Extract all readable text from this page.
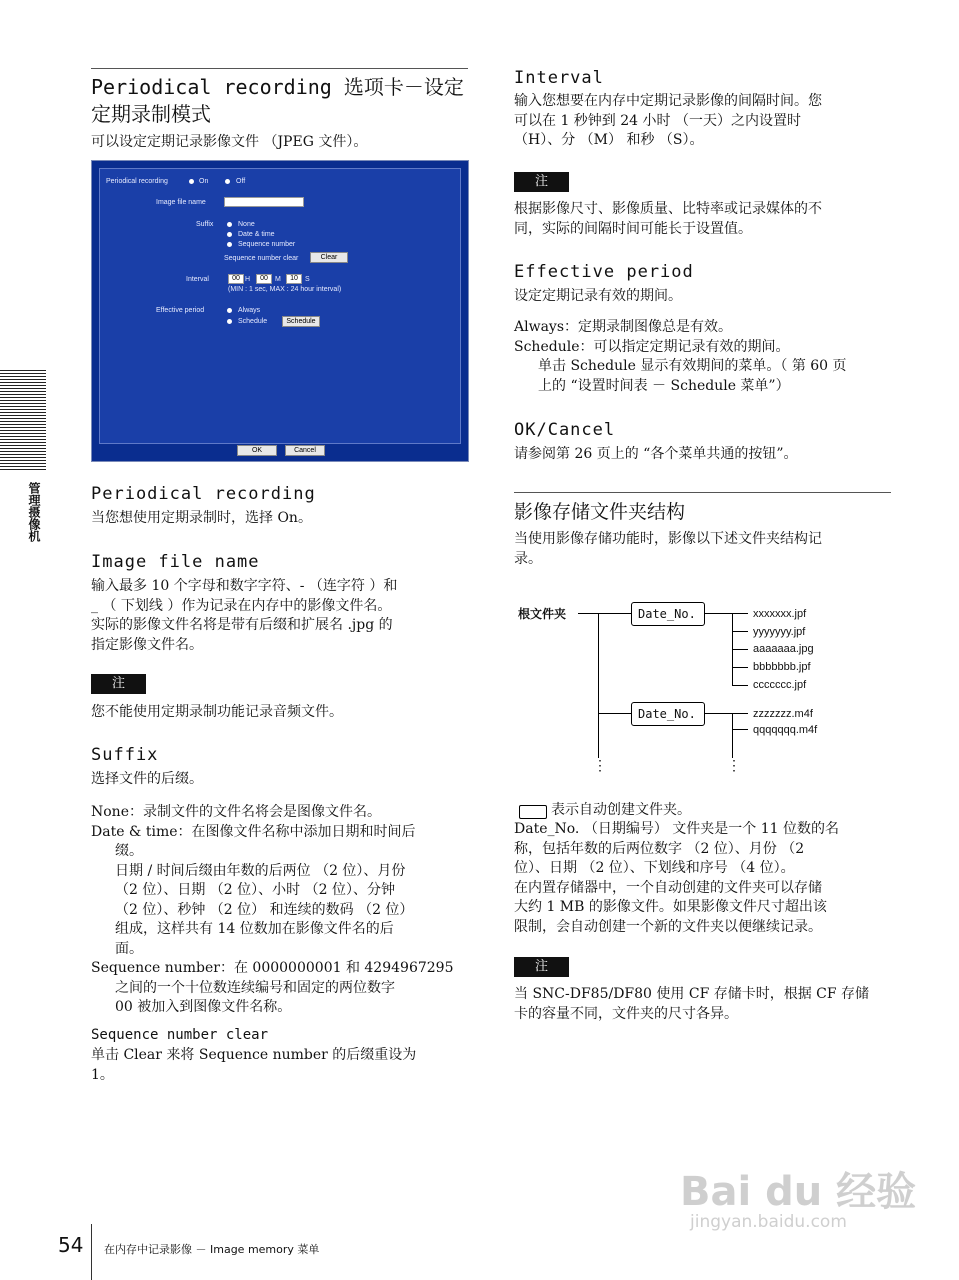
Periodical recording 选项卡－设定
定期录制模式
可以设定定期记录影像文件 （JPEG 文件）。
Periodical recording	On	Off
Image file name
Suffix	None
Date & time
Sequence number
Sequence number clear	Clear
Interval	00 H	00	M	10	S
(MIN : 1 sec, MAX : 24 hour interval)
Effective period	Always
Schedule	Schedule
OK	Cancel
Periodical recording
当您想使用定期录制时，选择 On。
Image file name
输入最多 10 个字母和数字字符、- （连字符 ）和
_ （ 下划线 ）作为记录在内存中的影像文件名。
实际的影像文件名将是带有后缀和扩展名 .jpg 的
指定影像文件名。
注
您不能使用定期录制功能记录音频文件。
Suffix
选择文件的后缀。
None：录制文件的文件名将会是图像文件名。
Date & time：在图像文件名称中添加日期和时间后
缀。
日期 / 时间后缀由年数的后两位 （2 位）、月份
（2 位）、日期 （2 位）、小时 （2 位）、分钟
（2 位）、秒钟 （2 位） 和连续的数码 （2 位）
组成，这样共有 14 位数加在影像文件名的后
面。
Sequence number：在 0000000001 和 4294967295
之间的一个十位数连续编号和固定的两位数字
00 被加入到图像文件名称。
Sequence number clear
单击 Clear 来将 Sequence number 的后缀重设为
1。
管理摄像机
Interval
输入您想要在内存中定期记录影像的间隔时间。您
可以在 1 秒钟到 24 小时 （一天）之内设置时
（H）、分 （M） 和秒 （S）。
注
根据影像尺寸、影像质量、比特率或记录媒体的不
同，实际的间隔时间可能长于设置值。
Effective period
设定定期记录有效的期间。
Always：定期录制图像总是有效。
Schedule：可以指定定期记录有效的期间。
单击 Schedule 显示有效期间的菜单。（ 第 60 页
上的 “设置时间表 － Schedule 菜单”）
OK/Cancel
请参阅第 26 页上的 “各个菜单共通的按钮”。
影像存储文件夹结构
当使用影像存储功能时，影像以下述文件夹结构记
录。
根文件夹	Date_No.
Date_No.
xxxxxxx.jpf
yyyyyyy.jpf
aaaaaaa.jpg
bbbbbbb.jpf
ccccccc.jpf
zzzzzzz.m4f
qqqqqqq.m4f
⋮	⋮
表示自动创建文件夹。
Date_No. （日期编号） 文件夹是一个 11 位数的名
称，包括年数的后两位数字 （2 位）、月份 （2
位）、日期 （2 位）、下划线和序号 （4 位）。
在内置存储器中，一个自动创建的文件夹可以存储
大约 1 MB 的影像文件。如果影像文件尺寸超出该
限制，会自动创建一个新的文件夹以便继续记录。
注
当 SNC-DF85/DF80 使用 CF 存储卡时，根据 CF 存储
卡的容量不同，文件夹的尺寸各异。
54 在内存中记录影像 － Image memory 菜单
Bai du 经验
jingyan.baidu.com
